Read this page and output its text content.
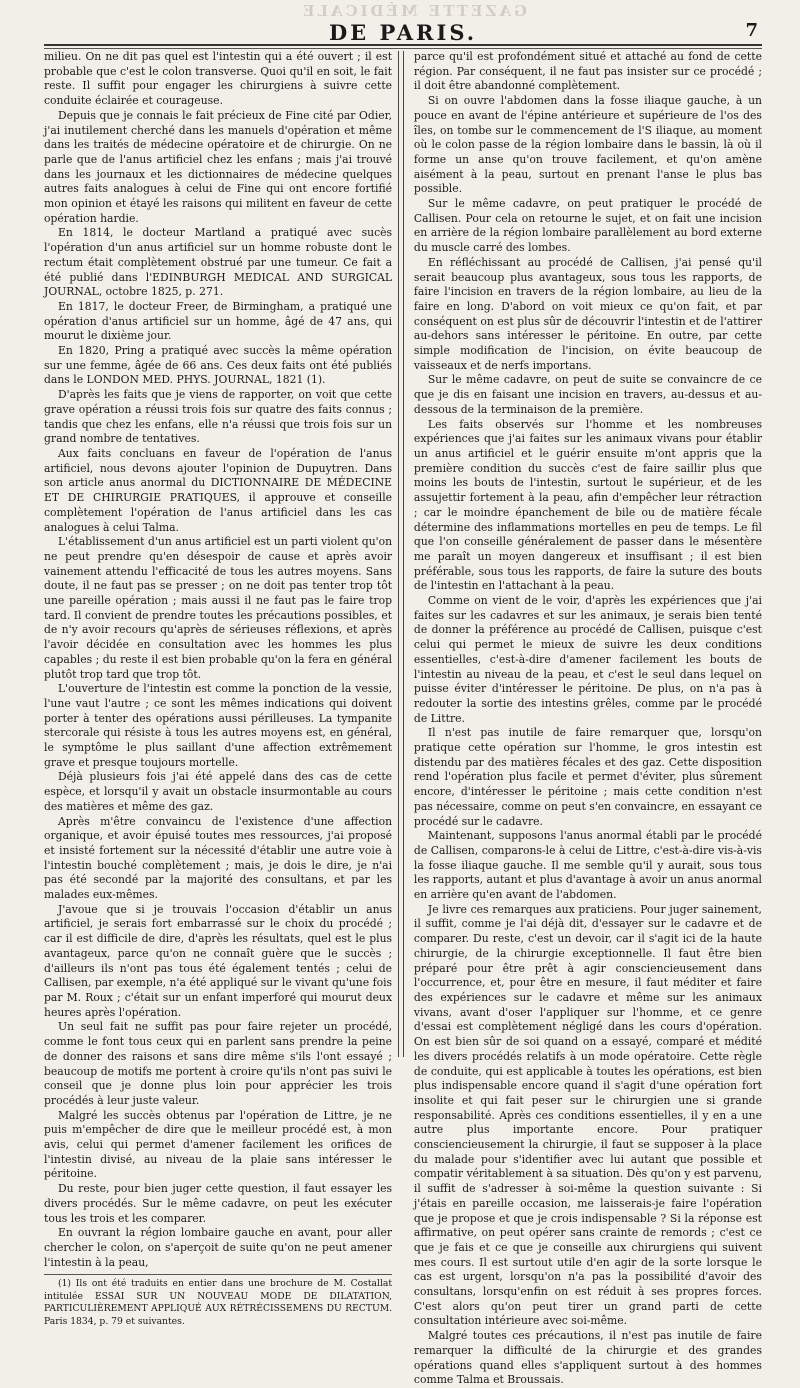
GAZETTE MÉDICALE
DE PARIS.	7

milieu. On ne dit pas quel est l'intestin qui a été ouvert ; il est probable que c'est le colon transverse. Quoi qu'il en soit, le fait reste. Il suffit pour engager les chirurgiens à suivre cette conduite éclairée et courageuse.

Depuis que je connais le fait précieux de Fine cité par Odier, j'ai inutilement cherché dans les manuels d'opération et même dans les traités de médecine opératoire et de chirurgie. On ne parle que de l'anus artificiel chez les enfans ; mais j'ai trouvé dans les journaux et les dictionnaires de médecine quelques autres faits analogues à celui de Fine qui ont encore fortifié mon opinion et étayé les raisons qui militent en faveur de cette opération hardie.

En 1814, le docteur Martland a pratiqué avec sucès l'opération d'un anus artificiel sur un homme robuste dont le rectum était complètement obstrué par une tumeur. Ce fait a été publié dans l'EDINBURGH MEDICAL AND SURGICAL JOURNAL, octobre 1825, p. 271.

En 1817, le docteur Freer, de Birmingham, a pratiqué une opération d'anus artificiel sur un homme, âgé de 47 ans, qui mourut le dixième jour.

En 1820, Pring a pratiqué avec succès la même opération sur une femme, âgée de 66 ans. Ces deux faits ont été publiés dans le LONDON MED. PHYS. JOURNAL, 1821 (1).

D'après les faits que je viens de rapporter, on voit que cette grave opération a réussi trois fois sur quatre des faits connus ; tandis que chez les enfans, elle n'a réussi que trois fois sur un grand nombre de tentatives.

Aux faits concluans en faveur de l'opération de l'anus artificiel, nous devons ajouter l'opinion de Dupuytren. Dans son article anus anormal du DICTIONNAIRE DE MÉDECINE ET DE CHIRURGIE PRATIQUES, il approuve et conseille complètement l'opération de l'anus artificiel dans les cas analogues à celui Talma.

L'établissement d'un anus artificiel est un parti violent qu'on ne peut prendre qu'en désespoir de cause et après avoir vainement attendu l'efficacité de tous les autres moyens. Sans doute, il ne faut pas se presser ; on ne doit pas tenter trop tôt une pareille opération ; mais aussi il ne faut pas le faire trop tard. Il convient de prendre toutes les précautions possibles, et de n'y avoir recours qu'après de sérieuses réflexions, et après l'avoir décidée en consultation avec les hommes les plus capables ; du reste il est bien probable qu'on la fera en général plutôt trop tard que trop tôt.

L'ouverture de l'intestin est comme la ponction de la vessie, l'une vaut l'autre ; ce sont les mêmes indications qui doivent porter à tenter des opérations aussi périlleuses. La tympanite stercorale qui résiste à tous les autres moyens est, en général, le symptôme le plus saillant d'une affection extrêmement grave et presque toujours mortelle.

Déjà plusieurs fois j'ai été appelé dans des cas de cette espèce, et lorsqu'il y avait un obstacle insurmontable au cours des matières et même des gaz.

Après m'être convaincu de l'existence d'une affection organique, et avoir épuisé toutes mes ressources, j'ai proposé et insisté fortement sur la nécessité d'établir une autre voie à l'intestin bouché complètement ; mais, je dois le dire, je n'ai pas été secondé par la majorité des consultans, et par les malades eux-mêmes.

J'avoue que si je trouvais l'occasion d'établir un anus artificiel, je serais fort embarrassé sur le choix du procédé ; car il est difficile de dire, d'après les résultats, quel est le plus avantageux, parce qu'on ne connaît guère que le succès ; d'ailleurs ils n'ont pas tous été également tentés ; celui de Callisen, par exemple, n'a été appliqué sur le vivant qu'une fois par M. Roux ; c'était sur un enfant imperforé qui mourut deux heures après l'opération.

Un seul fait ne suffit pas pour faire rejeter un procédé, comme le font tous ceux qui en parlent sans prendre la peine de donner des raisons et sans dire même s'ils l'ont essayé ; beaucoup de motifs me portent à croire qu'ils n'ont pas suivi le conseil que je donne plus loin pour apprécier les trois procédés à leur juste valeur.

Malgré les succès obtenus par l'opération de Littre, je ne puis m'empêcher de dire que le meilleur procédé est, à mon avis, celui qui permet d'amener facilement les orifices de l'intestin divisé, au niveau de la plaie sans intéresser le péritoine.

Du reste, pour bien juger cette question, il faut essayer les divers procédés. Sur le même cadavre, on peut les exécuter tous les trois et les comparer.

En ouvrant la région lombaire gauche en avant, pour aller chercher le colon, on s'aperçoit de suite qu'on ne peut amener l'intestin à la peau,

(1) Ils ont été traduits en entier dans une brochure de M. Costallat intitulée ESSAI SUR UN NOUVEAU MODE DE DILATATION, PARTICULIÈREMENT APPLIQUÉ AUX RÉTRÉCISSEMENS DU RECTUM. Paris 1834, p. 79 et suivantes.

parce qu'il est profondément situé et attaché au fond de cette région. Par conséquent, il ne faut pas insister sur ce procédé ; il doit être abandonné complètement.

Si on ouvre l'abdomen dans la fosse iliaque gauche, à un pouce en avant de l'épine antérieure et supérieure de l'os des îles, on tombe sur le commencement de l'S iliaque, au moment où le colon passe de la région lombaire dans le bassin, là où il forme un anse qu'on trouve facilement, et qu'on amène aisément à la peau, surtout en prenant l'anse le plus bas possible.

Sur le même cadavre, on peut pratiquer le procédé de Callisen. Pour cela on retourne le sujet, et on fait une incision en arrière de la région lombaire parallèlement au bord externe du muscle carré des lombes.

En réfléchissant au procédé de Callisen, j'ai pensé qu'il serait beaucoup plus avantageux, sous tous les rapports, de faire l'incision en travers de la région lombaire, au lieu de la faire en long. D'abord on voit mieux ce qu'on fait, et par conséquent on est plus sûr de découvrir l'intestin et de l'attirer au-dehors sans intéresser le péritoine. En outre, par cette simple modification de l'incision, on évite beaucoup de vaisseaux et de nerfs importans.

Sur le même cadavre, on peut de suite se convaincre de ce que je dis en faisant une incision en travers, au-dessus et au-dessous de la terminaison de la première.

Les faits observés sur l'homme et les nombreuses expériences que j'ai faites sur les animaux vivans pour établir un anus artificiel et le guérir ensuite m'ont appris que la première condition du succès c'est de faire saillir plus que moins les bouts de l'intestin, surtout le supérieur, et de les assujettir fortement à la peau, afin d'empêcher leur rétraction ; car le moindre épanchement de bile ou de matière fécale détermine des inflammations mortelles en peu de temps. Le fil que l'on conseille généralement de passer dans le mésentère me paraît un moyen dangereux et insuffisant ; il est bien préférable, sous tous les rapports, de faire la suture des bouts de l'intestin en l'attachant à la peau.

Comme on vient de le voir, d'après les expériences que j'ai faites sur les cadavres et sur les animaux, je serais bien tenté de donner la préférence au procédé de Callisen, puisque c'est celui qui permet le mieux de suivre les deux conditions essentielles, c'est-à-dire d'amener facilement les bouts de l'intestin au niveau de la peau, et c'est le seul dans lequel on puisse éviter d'intéresser le péritoine. De plus, on n'a pas à redouter la sortie des intestins grêles, comme par le procédé de Littre.

Il n'est pas inutile de faire remarquer que, lorsqu'on pratique cette opération sur l'homme, le gros intestin est distendu par des matières fécales et des gaz. Cette disposition rend l'opération plus facile et permet d'éviter, plus sûrement encore, d'intéresser le péritoine ; mais cette condition n'est pas nécessaire, comme on peut s'en convaincre, en essayant ce procédé sur le cadavre.

Maintenant, supposons l'anus anormal établi par le procédé de Callisen, comparons-le à celui de Littre, c'est-à-dire vis-à-vis la fosse iliaque gauche. Il me semble qu'il y aurait, sous tous les rapports, autant et plus d'avantage à avoir un anus anormal en arrière qu'en avant de l'abdomen.

Je livre ces remarques aux praticiens. Pour juger sainement, il suffit, comme je l'ai déjà dit, d'essayer sur le cadavre et de comparer. Du reste, c'est un devoir, car il s'agit ici de la haute chirurgie, de la chirurgie exceptionnelle. Il faut être bien préparé pour être prêt à agir consciencieusement dans l'occurrence, et, pour être en mesure, il faut méditer et faire des expériences sur le cadavre et même sur les animaux vivans, avant d'oser l'appliquer sur l'homme, et ce genre d'essai est complètement négligé dans les cours d'opération. On est bien sûr de soi quand on a essayé, comparé et médité les divers procédés relatifs à un mode opératoire. Cette règle de conduite, qui est applicable à toutes les opérations, est bien plus indispensable encore quand il s'agit d'une opération fort insolite et qui fait peser sur le chirurgien une si grande responsabilité. Après ces conditions essentielles, il y en a une autre plus importante encore. Pour pratiquer consciencieusement la chirurgie, il faut se supposer à la place du malade pour s'identifier avec lui autant que possible et compatir véritablement à sa situation. Dès qu'on y est parvenu, il suffit de s'adresser à soi-même la question suivante : Si j'étais en pareille occasion, me laisserais-je faire l'opération que je propose et que je crois indispensable ? Si la réponse est affirmative, on peut opérer sans crainte de remords ; c'est ce que je fais et ce que je conseille aux chirurgiens qui suivent mes cours. Il est surtout utile d'en agir de la sorte lorsque le cas est urgent, lorsqu'on n'a pas la possibilité d'avoir des consultans, lorsqu'enfin on est réduit à ses propres forces. C'est alors qu'on peut tirer un grand parti de cette consultation intérieure avec soi-même.

Malgré toutes ces précautions, il n'est pas inutile de faire remarquer la difficulté de la chirurgie et des grandes opérations quand elles s'appliquent surtout à des hommes comme Talma et Broussais.
